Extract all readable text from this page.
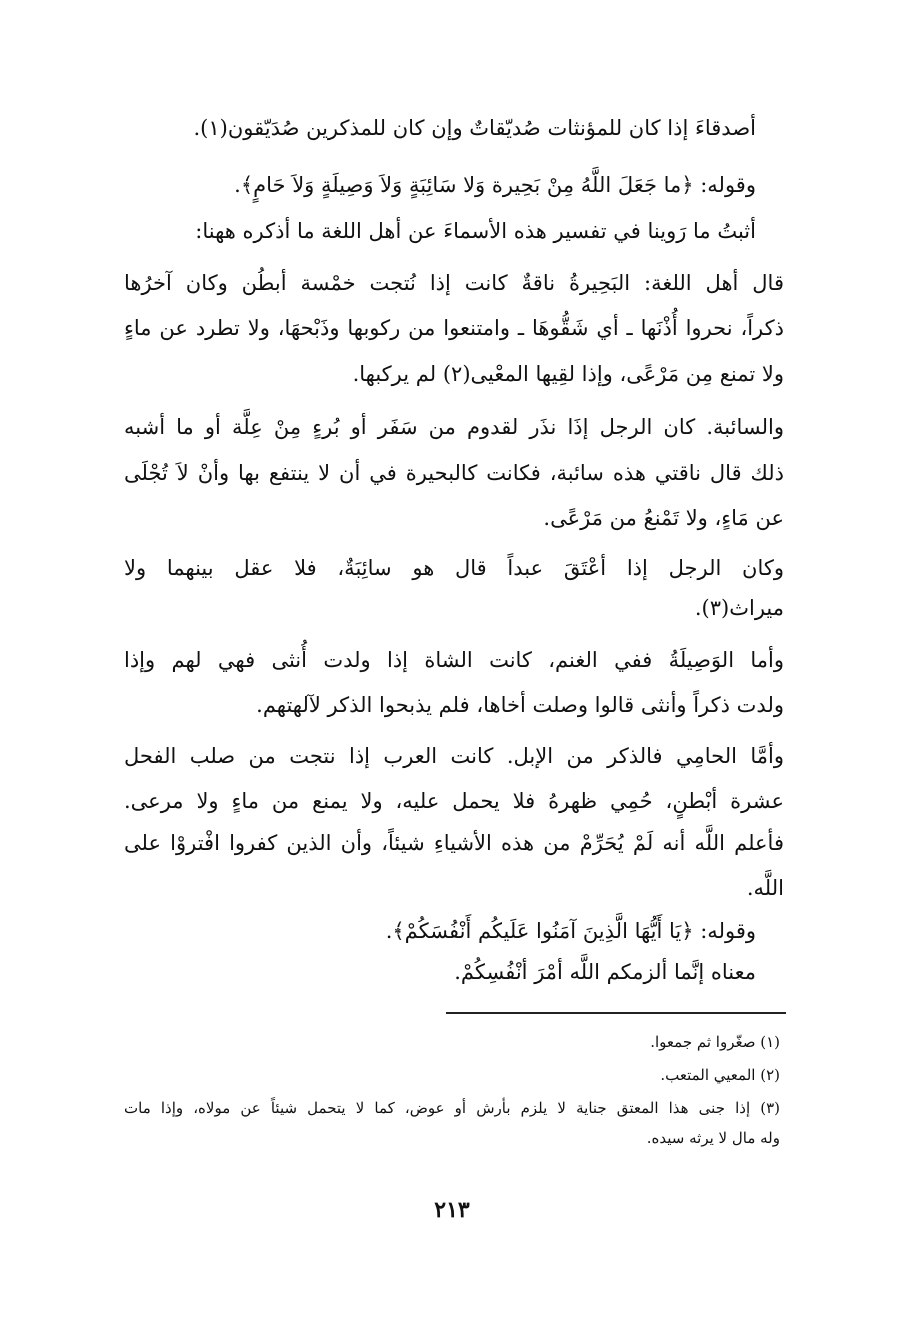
أصدقاءَ إذا كان للمؤنثات صُديّقاتٌ وإن كان للمذكرين صُدَيّقون(١).
وقوله: ﴿ما جَعَلَ اللَّهُ مِنْ بَحِيرة وَلا سَائِبَةٍ وَلاَ وَصِيلَةٍ وَلاَ حَامٍ﴾.
أثبتُ ما رَوينا في تفسير هذه الأسماءَ عن أهل اللغة ما أذكره ههنا:
قال أهل اللغة: البَحِيرةُ ناقةٌ كانت إذا نُتجت خمْسة أبطُن وكان آخرُها
ذكراً، نحروا أُذْنَها ـ أي شَقُّوهَا ـ وامتنعوا من ركوبها وذَبْحهَا، ولا تطرد عن ماءٍ
ولا تمنع مِن مَرْعًى، وإذا لقِيها المعْيى(٢) لم يركبها.
والسائبة. كان الرجل إذَا نذَر لقدوم من سَفَر أو بُرءٍ مِنْ عِلَّة أو ما أشبه
ذلك قال ناقتي هذه سائبة، فكانت كالبحيرة في أن لا ينتفع بها وأنْ لاَ تُجْلَى
عن مَاءٍ، ولا تَمْنعُ من مَرْعًى.
وكان الرجل إذا أعْتَقَ عبداً قال هو سائِبَةٌ، فلا عقل بينهما ولا
ميراث(٣).
وأما الوَصِيلَةُ ففي الغنم، كانت الشاة إذا ولدت أُنثى فهي لهم وإذا
ولدت ذكراً وأنثى قالوا وصلت أخاها، فلم يذبحوا الذكر لآلهتهم.
وأمَّا الحامِي فالذكر من الإبل. كانت العرب إذا نتجت من صلب الفحل
عشرة أبْطنٍ، حُمِي ظهرهُ فلا يحمل عليه، ولا يمنع من ماءٍ ولا مرعى.
فأعلم اللَّه أنه لَمْ يُحَرِّمْ من هذه الأشياءِ شيئاً، وأن الذين كفروا افْتروْا على
اللَّه.
وقوله: ﴿يَا أَيُّهَا الَّذِينَ آمَنُوا عَلَيكُم أَنْفُسَكُمْ﴾.
معناه إنَّما ألزمكم اللَّه أمْرَ أنْفُسِكُمْ.
(١) صغّروا ثم جمعوا.
(٢) المعيي المتعب.
(٣) إذا جنى هذا المعتق جناية لا يلزم بأرش أو عوض، كما لا يتحمل شيئاً عن مولاه، وإذا مات
وله مال لا يرثه سيده.
٢١٣
